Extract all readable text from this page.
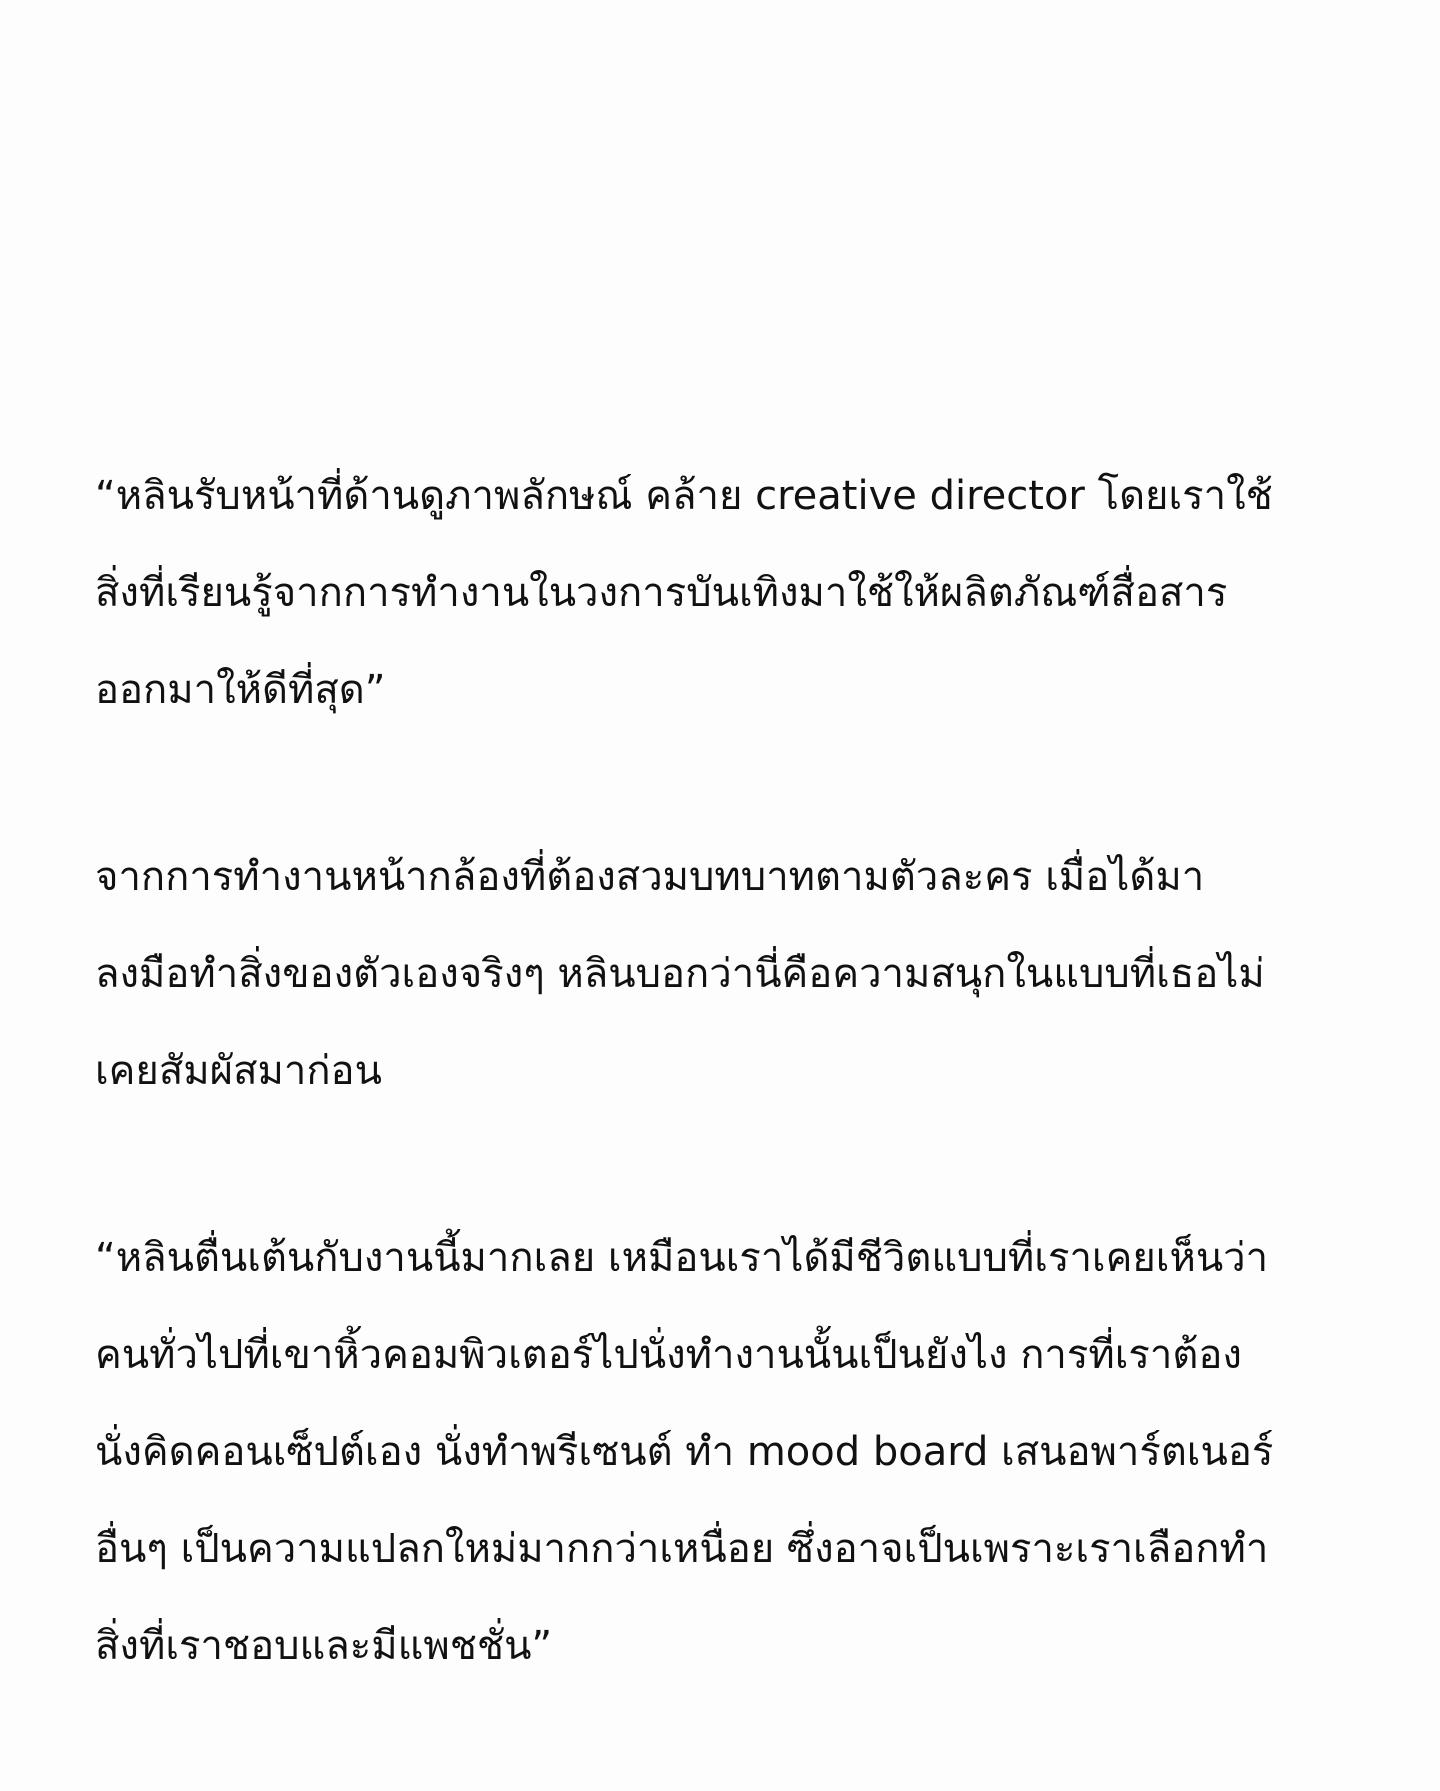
“หลินรับหน้าที่ด้านดูภาพลักษณ์ คล้าย creative director โดยเราใช้
สิ่งที่เรียนรู้จากการทำงานในวงการบันเทิงมาใช้ให้ผลิตภัณฑ์สื่อสาร
ออกมาให้ดีที่สุด”

จากการทำงานหน้ากล้องที่ต้องสวมบทบาทตามตัวละคร เมื่อได้มา
ลงมือทำสิ่งของตัวเองจริงๆ หลินบอกว่านี่คือความสนุกในแบบที่เธอไม่
เคยสัมผัสมาก่อน

“หลินตื่นเต้นกับงานนี้มากเลย เหมือนเราได้มีชีวิตแบบที่เราเคยเห็นว่า
คนทั่วไปที่เขาหิ้วคอมพิวเตอร์ไปนั่งทำงานนั้นเป็นยังไง การที่เราต้อง
นั่งคิดคอนเซ็ปต์เอง นั่งทำพรีเซนต์ ทำ mood board เสนอพาร์ตเนอร์
อื่นๆ เป็นความแปลกใหม่มากกว่าเหนื่อย ซึ่งอาจเป็นเพราะเราเลือกทำ
สิ่งที่เราชอบและมีแพชชั่น”
